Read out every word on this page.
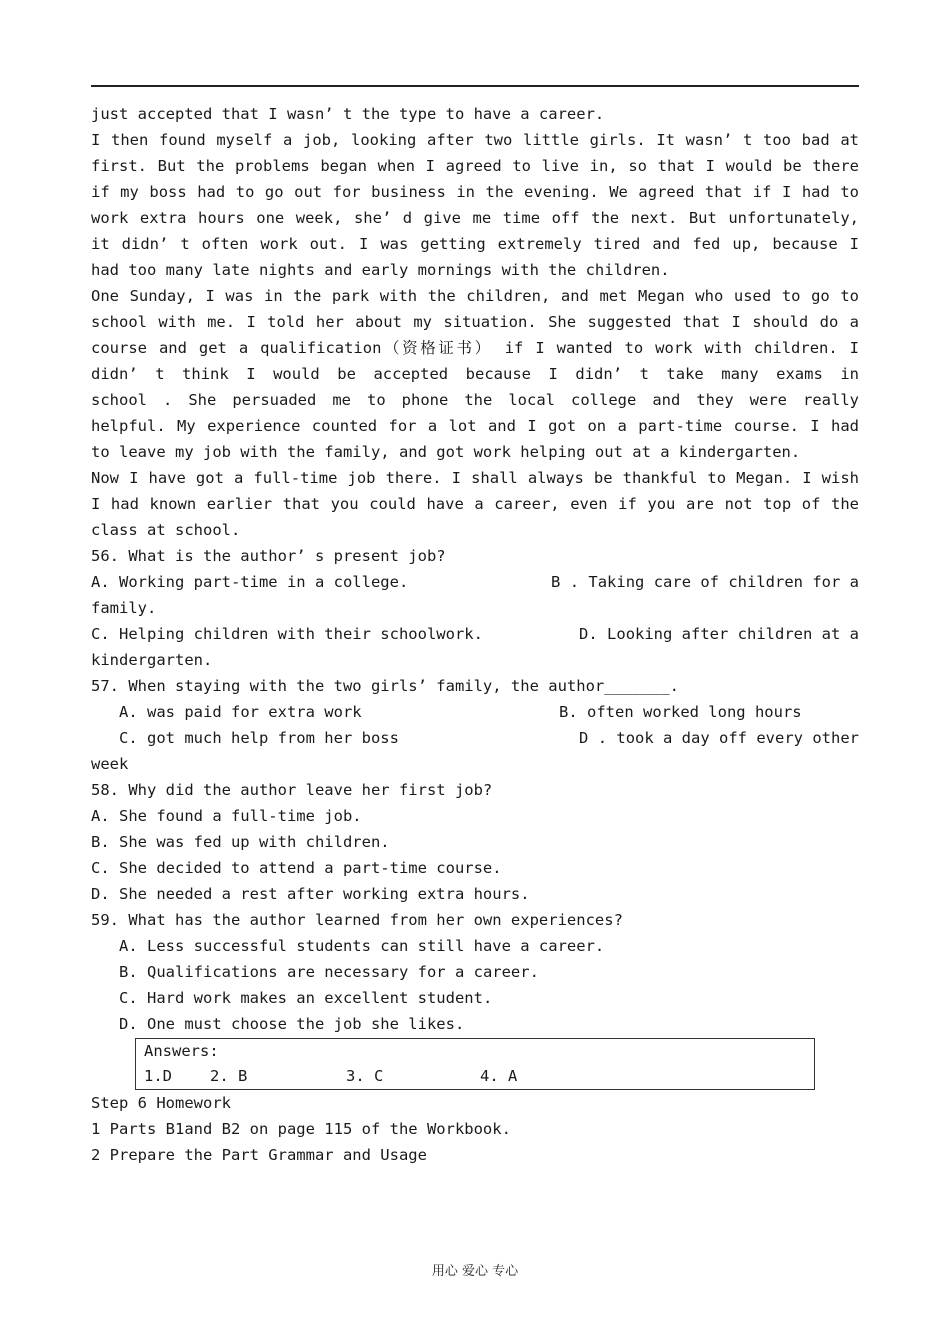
just accepted that I wasn’ t the type to have a career.
I then found myself a job, looking after two little girls. It wasn’ t too bad at
first. But the problems began when I agreed to live in, so that I would be there
if my boss had to go out for business in the evening. We agreed that if I had to
work extra hours one week, she’ d give me time off the next. But unfortunately,
it didn’ t often work out. I was getting extremely tired and fed up, because I
had too many late nights and early mornings with the children.
One Sunday, I was in the park with the children, and met Megan who used to go to
school with me. I told her about my situation. She suggested that I should do a
course and get a qualification（资格证书） if I wanted to work with children. I
didn’ t think I would be accepted because I didn’ t take many exams in
school . She persuaded me to phone the local college and they were really
helpful. My experience counted for a lot and I got on a part-time course. I had
to leave my job with the family, and got work helping out at a kindergarten.
Now I have got a full-time job there. I shall always be thankful to Megan. I wish
I had known earlier that you could have a career, even if you are not top of the
class at school.
56. What is the author’ s present job?
A. Working part-time in a college.	B . Taking care of children for a
family.
C. Helping children with their schoolwork.	D. Looking after children at a
kindergarten.
57. When staying with the two girls’ family, the author_______.
A. was paid for extra work	B. often worked long hours
C. got much help from her boss	D . took a day off every other
week
58. Why did the author leave her first job?
A. She found a full-time job.
B. She was fed up with children.
C. She decided to attend a part-time course.
D. She needed a rest after working extra hours.
59. What has the author learned from her own experiences?
A. Less successful students can still have a career.
B. Qualifications are necessary for a career.
C. Hard work makes an excellent student.
D. One must choose the job she likes.
Answers:
1.D 2. B	3. C	4. A
Step 6 Homework
1 Parts B1and B2 on page 115 of the Workbook.
2 Prepare the Part Grammar and Usage
用心 爱心 专心
